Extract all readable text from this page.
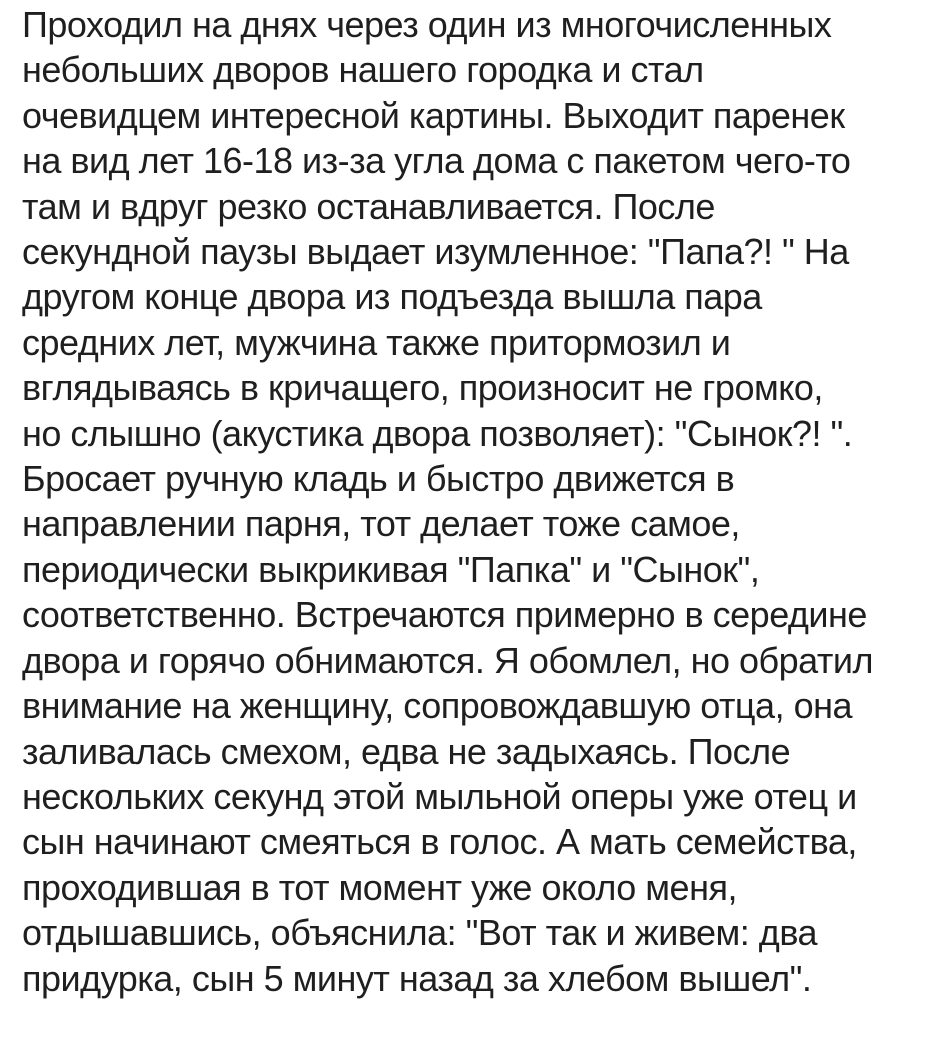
Проходил на днях через один из многочисленных
небольших дворов нашего городка и стал
очевидцем интересной картины. Выходит паренек
на вид лет 16-18 из-за угла дома с пакетом чего-то
там и вдруг резко останавливается. После
секундной паузы выдает изумленное: "Папа?! " На
другом конце двора из подъезда вышла пара
средних лет, мужчина также притормозил и
вглядываясь в кричащего, произносит не громко,
но слышно (акустика двора позволяет): "Сынок?! ".
Бросает ручную кладь и быстро движется в
направлении парня, тот делает тоже самое,
периодически выкрикивая "Папка" и "Сынок",
соответственно. Встречаются примерно в середине
двора и горячо обнимаются. Я обомлел, но обратил
внимание на женщину, сопровождавшую отца, она
заливалась смехом, едва не задыхаясь. После
нескольких секунд этой мыльной оперы уже отец и
сын начинают смеяться в голос. А мать семейства,
проходившая в тот момент уже около меня,
отдышавшись, объяснила: "Вот так и живем: два
придурка, сын 5 минут назад за хлебом вышел".
